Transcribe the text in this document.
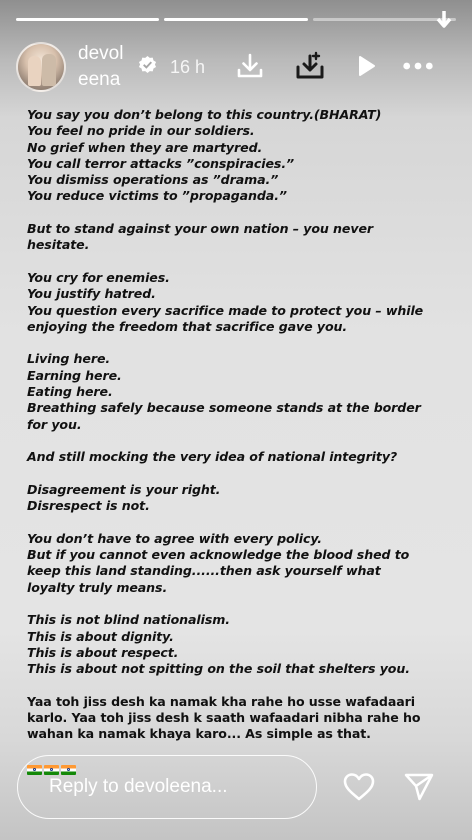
devol
eena
16 h

You say you don’t belong to this country.(BHARAT)
You feel no pride in our soldiers.
No grief when they are martyred.
You call terror attacks ”conspiracies.”
You dismiss operations as ”drama.”
You reduce victims to ”propaganda.”

But to stand against your own nation – you never
hesitate.

You cry for enemies.
You justify hatred.
You question every sacrifice made to protect you – while
enjoying the freedom that sacrifice gave you.

Living here.
Earning here.
Eating here.
Breathing safely because someone stands at the border
for you.

And still mocking the very idea of national integrity?

Disagreement is your right.
Disrespect is not.

You don’t have to agree with every policy.
But if you cannot even acknowledge the blood shed to
keep this land standing......then ask yourself what
loyalty truly means.

This is not blind nationalism.
This is about dignity.
This is about respect.
This is about not spitting on the soil that shelters you.

Yaa toh jiss desh ka namak kha rahe ho usse wafadaari
karlo. Yaa toh jiss desh k saath wafaadari nibha rahe ho
wahan ka namak khaya karo... As simple as that.

Reply to devoleena...
